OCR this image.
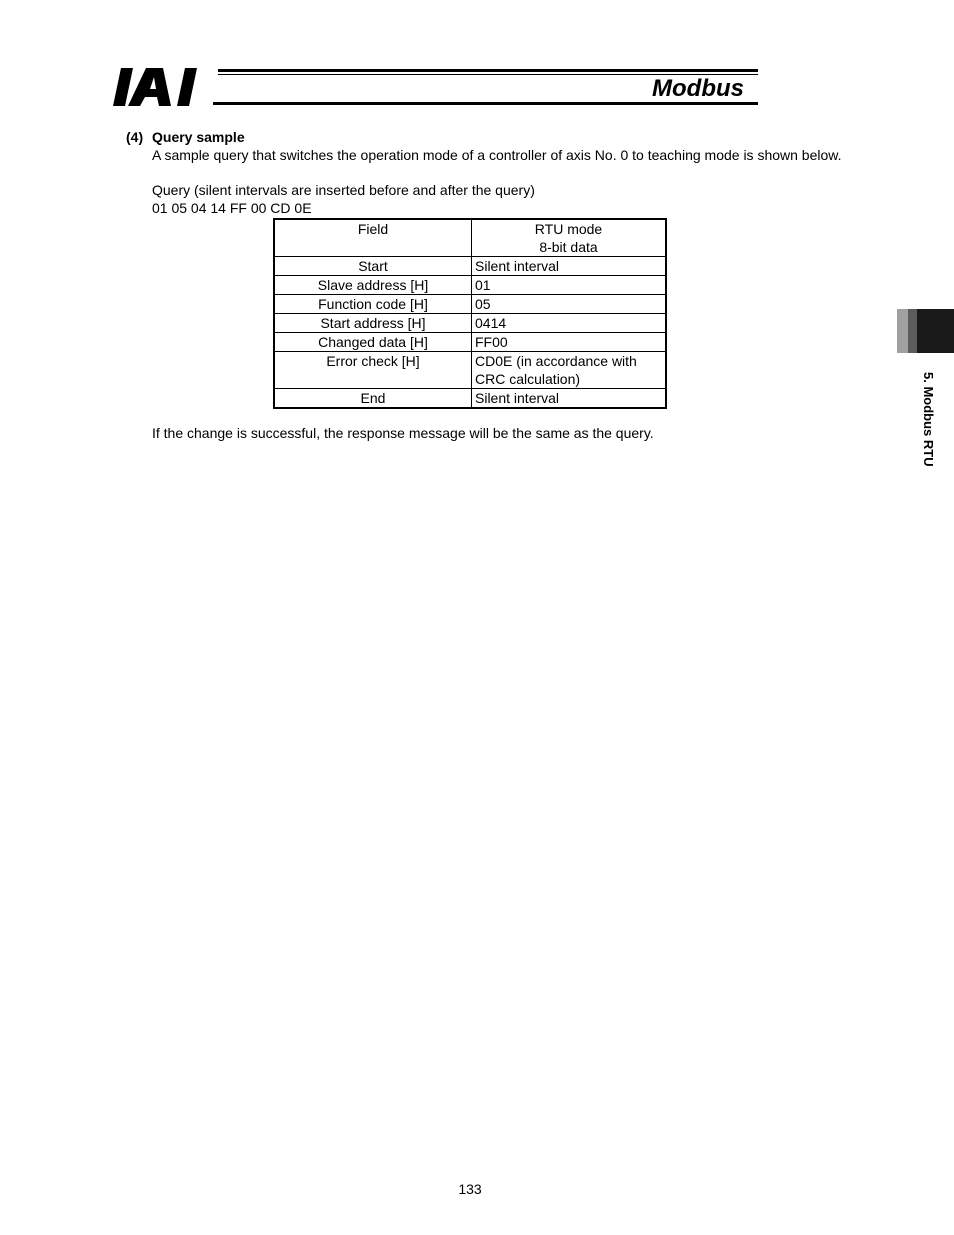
Modbus
5. Modbus RTU
(4) Query sample
A sample query that switches the operation mode of a controller of axis No. 0 to teaching mode is shown below.
Query (silent intervals are inserted before and after the query)
01 05 04 14 FF 00 CD 0E
Field	RTU mode
8-bit data
Start	Silent interval
Slave address [H]	01
Function code [H]	05
Start address [H]	0414
Changed data [H]	FF00
Error check [H]	CD0E (in accordance with CRC calculation)
End	Silent interval
If the change is successful, the response message will be the same as the query.
133
